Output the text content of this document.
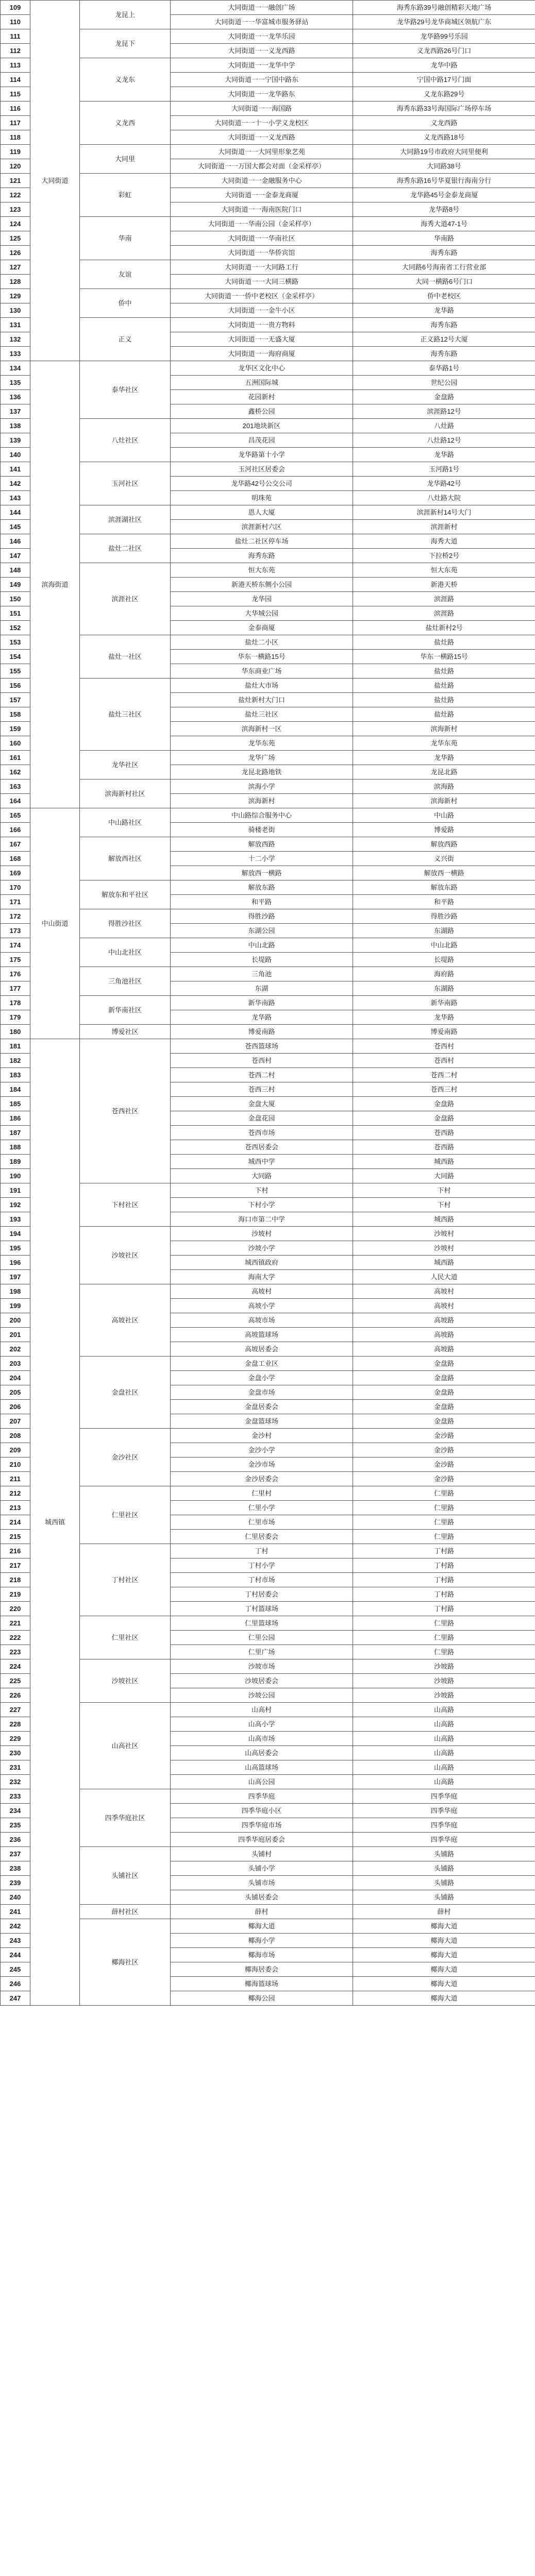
109	大同街道	龙昆上	大同街道一一融创广场	海秀东路39号融创精彩天地广场
110			大同街道一一华富城市服务驿站	龙华路29号龙华商城区领航广东
111		龙昆下	大同街道一一龙华乐园	龙华路99号乐园
112			大同街道一一义龙西路	义龙西路26号门口
113		义龙东	大同街道一一龙华中学	龙华中路
114			大同街道一一宁国中路东	宁国中路17号门面
115			大同街道一一龙华路东	义龙东路29号
116		义龙西	大同街道一一海国路	海秀东路33号海国际广场停车场
117			大同街道一一十一小学义龙校区	义龙西路
118			大同街道一一义龙西路	义龙西路18号
119		大同里	大同街道一一大同里形象艺苑	大同路19号市政府大同里便利
120			大同街道一一万国大都会对面（金采样亭）	大同路38号
121		彩虹	大同街道一一金融服务中心	海秀东路16号华夏银行海南分行
122			大同街道一一金泰龙商厦	龙华路45号金泰龙商厦
123			大同街道一一海南医院门口	龙华路8号
124		华南	大同街道一一华南公园（金采样亭）	海秀大道47-1号
125			大同街道一一华南社区	华南路
126			大同街道一一华侨宾馆	海秀东路
127		友谊	大同街道一一大同路工行	大同路6号海南省工行营业部
128			大同街道一一大同三横路	大同一横路6号门口
129		侨中	大同街道一一侨中老校区（金采样亭）	侨中老校区
130			大同街道一一金牛小区	龙华路
131		正义	大同街道一一贵方物料	海秀东路
132			大同街道一一无盛大厦	正义路12号大厦
133			大同街道一一海府商厦	海秀东路
134	滨海街道	泰华社区	龙华区文化中心	泰华路1号
135			五洲国际城	世纪公园
136			花园新村	金盘路
137			鑫桥公园	滨涯路12号
138		八灶社区	201地块新区	八灶路
139			昌茂花园	八灶路12号
140			龙华路第十小学	龙华路
141		玉河社区	玉河社区居委会	玉河路1号
142			龙华路42号公交公司	龙华路42号
143			明珠苑	八灶路大院
144		滨涯湖社区	恩人大厦	滨涯新村14号大门
145			滨涯新村六区	滨涯新村
146		盐灶二社区	盐灶二社区停车场	海秀大道
147			海秀东路	下拉桥2号
148		滨涯社区	恒大东苑	恒大东苑
149			新港天桥东侧小公园	新港天桥
150			龙华园	滨涯路
151			大华城公园	滨涯路
152			金泰商厦	盐灶新村2号
153		盐灶一社区	盐灶二小区	盐灶路
154			华东一横路15号	华东一横路15号
155			华东商业广场	盐灶路
156		盐灶三社区	盐灶大市场	盐灶路
157			盐灶新村大门口	盐灶路
158			盐灶三社区	盐灶路
159			滨海新村一区	滨海新村
160			龙华东苑	龙华东苑
161		龙华社区	龙华广场	龙华路
162			龙昆北路地铁	龙昆北路
163		滨海新村社区	滨海小学	滨海路
164			滨海新村	滨海新村
165	中山街道	中山路社区	中山路综合服务中心	中山路
166			骑楼老街	博爱路
167		解放西社区	解放西路	解放西路
168			十二小学	义兴街
169			解放西一横路	解放西一横路
170		解放东和平社区	解放东路	解放东路
171			和平路	和平路
172		得胜沙社区	得胜沙路	得胜沙路
173			东湖公园	东湖路
174		中山北社区	中山北路	中山北路
175			长堤路	长堤路
176		三角池社区	三角池	海府路
177			东湖	东湖路
178		新华南社区	新华南路	新华南路
179			龙华路	龙华路
180		博爱社区	博爱南路	博爱南路
181	城西镇	苍西社区	苍西篮球场	苍西村
182			苍西村	苍西村
183			苍西二村	苍西二村
184			苍西三村	苍西三村
185			金盘大厦	金盘路
186			金盘花园	金盘路
187			苍西市场	苍西路
188			苍西居委会	苍西路
189			城西中学	城西路
190			大同路	大同路
191		下村社区	下村	下村
192			下村小学	下村
193			海口市第二中学	城西路
194		沙坡社区	沙坡村	沙坡村
195			沙坡小学	沙坡村
196			城西镇政府	城西路
197			海南大学	人民大道
198		高坡社区	高坡村	高坡村
199			高坡小学	高坡村
200			高坡市场	高坡路
201			高坡篮球场	高坡路
202			高坡居委会	高坡路
203		金盘社区	金盘工业区	金盘路
204			金盘小学	金盘路
205			金盘市场	金盘路
206			金盘居委会	金盘路
207			金盘篮球场	金盘路
208		金沙社区	金沙村	金沙路
209			金沙小学	金沙路
210			金沙市场	金沙路
211			金沙居委会	金沙路
212		仁里社区	仁里村	仁里路
213			仁里小学	仁里路
214			仁里市场	仁里路
215			仁里居委会	仁里路
216		丁村社区	丁村	丁村路
217			丁村小学	丁村路
218			丁村市场	丁村路
219			丁村居委会	丁村路
220			丁村篮球场	丁村路
221		仁里社区	仁里篮球场	仁里路
222			仁里公园	仁里路
223			仁里广场	仁里路
224		沙坡社区	沙坡市场	沙坡路
225			沙坡居委会	沙坡路
226			沙坡公园	沙坡路
227		山高社区	山高村	山高路
228			山高小学	山高路
229			山高市场	山高路
230			山高居委会	山高路
231			山高篮球场	山高路
232			山高公园	山高路
233		四季华庭社区	四季华庭	四季华庭
234			四季华庭小区	四季华庭
235			四季华庭市场	四季华庭
236			四季华庭居委会	四季华庭
237		头铺社区	头铺村	头铺路
238			头铺小学	头铺路
239			头铺市场	头铺路
240			头铺居委会	头铺路
241		薛村社区	薛村	薛村
242		椰海社区	椰海大道	椰海大道
243			椰海小学	椰海大道
244			椰海市场	椰海大道
245			椰海居委会	椰海大道
246			椰海篮球场	椰海大道
247			椰海公园	椰海大道
